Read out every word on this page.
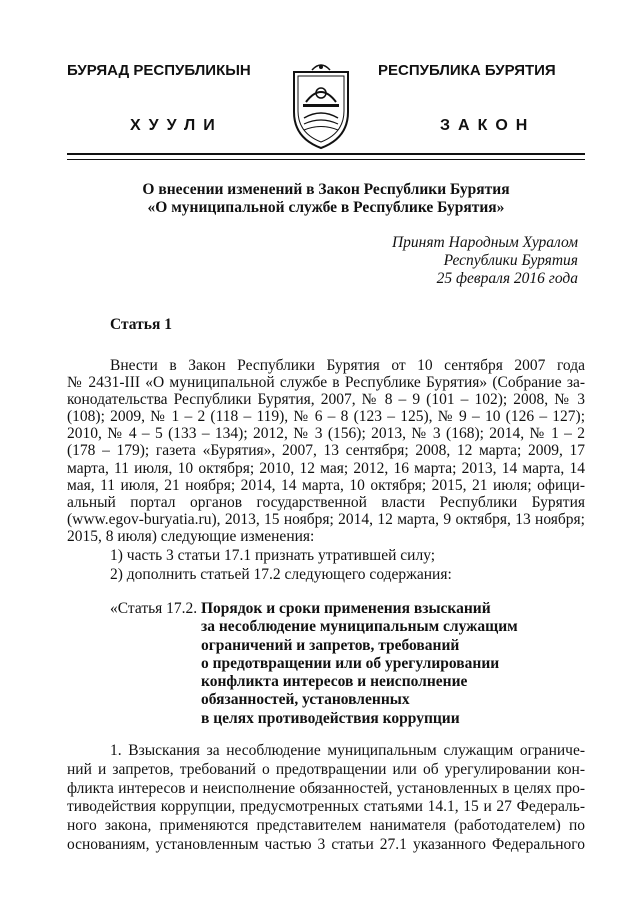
БУРЯАД РЕСПУБЛИКЫН	РЕСПУБЛИКА БУРЯТИЯ
ХУУЛИ	ЗАКОН
О внесении изменений в Закон Республики Бурятия
«О муниципальной службе в Республике Бурятия»
Принят Народным Хуралом
Республики Бурятия
25 февраля 2016 года
Статья 1
Внести в Закон Республики Бурятия от 10 сентября 2007 года
№ 2431-III «О муниципальной службе в Республике Бурятия» (Собрание за-
конодательства Республики Бурятия, 2007, № 8 – 9 (101 – 102); 2008, № 3
(108); 2009, № 1 – 2 (118 – 119), № 6 – 8 (123 – 125), № 9 – 10 (126 – 127);
2010, № 4 – 5 (133 – 134); 2012, № 3 (156); 2013, № 3 (168); 2014, № 1 – 2
(178 – 179); газета «Бурятия», 2007, 13 сентября; 2008, 12 марта; 2009, 17
марта, 11 июля, 10 октября; 2010, 12 мая; 2012, 16 марта; 2013, 14 марта, 14
мая, 11 июля, 21 ноября; 2014, 14 марта, 10 октября; 2015, 21 июля; офици-
альный портал органов государственной власти Республики Бурятия
(www.egov-buryatia.ru), 2013, 15 ноября; 2014, 12 марта, 9 октября, 13 ноября;
2015, 8 июля) следующие изменения:
1) часть 3 статьи 17.1 признать утратившей силу;
2) дополнить статьей 17.2 следующего содержания:
«Статья 17.2. Порядок и сроки применения взысканий
за несоблюдение муниципальным служащим
ограничений и запретов, требований
о предотвращении или об урегулировании
конфликта интересов и неисполнение
обязанностей, установленных
в целях противодействия коррупции
1. Взыскания за несоблюдение муниципальным служащим ограниче-
ний и запретов, требований о предотвращении или об урегулировании кон-
фликта интересов и неисполнение обязанностей, установленных в целях про-
тиводействия коррупции, предусмотренных статьями 14.1, 15 и 27 Федераль-
ного закона, применяются представителем нанимателя (работодателем) по
основаниям, установленным частью 3 статьи 27.1 указанного Федерального
